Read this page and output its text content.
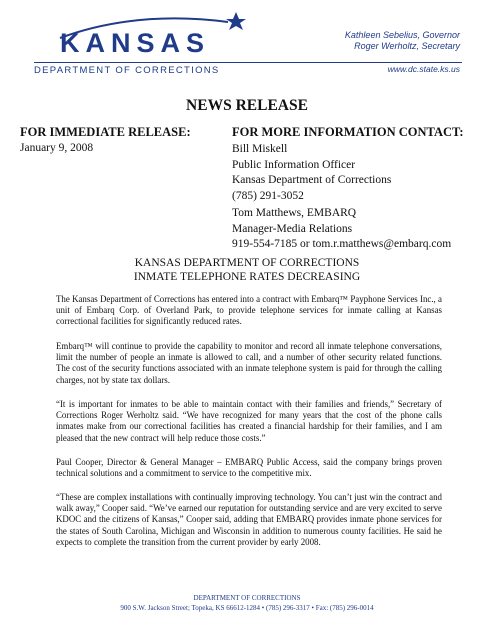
KANSAS
DEPARTMENT OF CORRECTIONS
Kathleen Sebelius, Governor
Roger Werholtz, Secretary
www.dc.state.ks.us
NEWS RELEASE
FOR IMMEDIATE RELEASE:
January 9, 2008
FOR MORE INFORMATION CONTACT:
Bill Miskell
Public Information Officer
Kansas Department of Corrections
(785) 291-3052
Tom Matthews, EMBARQ
Manager-Media Relations
919-554-7185 or tom.r.matthews@embarq.com
KANSAS DEPARTMENT OF CORRECTIONS
INMATE TELEPHONE RATES DECREASING
The Kansas Department of Corrections has entered into a contract with Embarq™ Payphone Services Inc., a unit of Embarq Corp. of Overland Park, to provide telephone services for inmate calling at Kansas correctional facilities for significantly reduced rates.
Embarq™ will continue to provide the capability to monitor and record all inmate telephone conversations, limit the number of people an inmate is allowed to call, and a number of other security related functions. The cost of the security functions associated with an inmate telephone system is paid for through the calling charges, not by state tax dollars.
“It is important for inmates to be able to maintain contact with their families and friends,” Secretary of Corrections Roger Werholtz said. “We have recognized for many years that the cost of the phone calls inmates make from our correctional facilities has created a financial hardship for their families, and I am pleased that the new contract will help reduce those costs.”
Paul Cooper, Director & General Manager – EMBARQ Public Access, said the company brings proven technical solutions and a commitment to service to the competitive mix.
“These are complex installations with continually improving technology. You can’t just win the contract and walk away,” Cooper said. “We’ve earned our reputation for outstanding service and are very excited to serve KDOC and the citizens of Kansas,” Cooper said, adding that EMBARQ provides inmate phone services for the states of South Carolina, Michigan and Wisconsin in addition to numerous county facilities. He said he expects to complete the transition from the current provider by early 2008.
DEPARTMENT OF CORRECTIONS
900 S.W. Jackson Street; Topeka, KS 66612-1284 • (785) 296-3317 • Fax: (785) 296-0014
